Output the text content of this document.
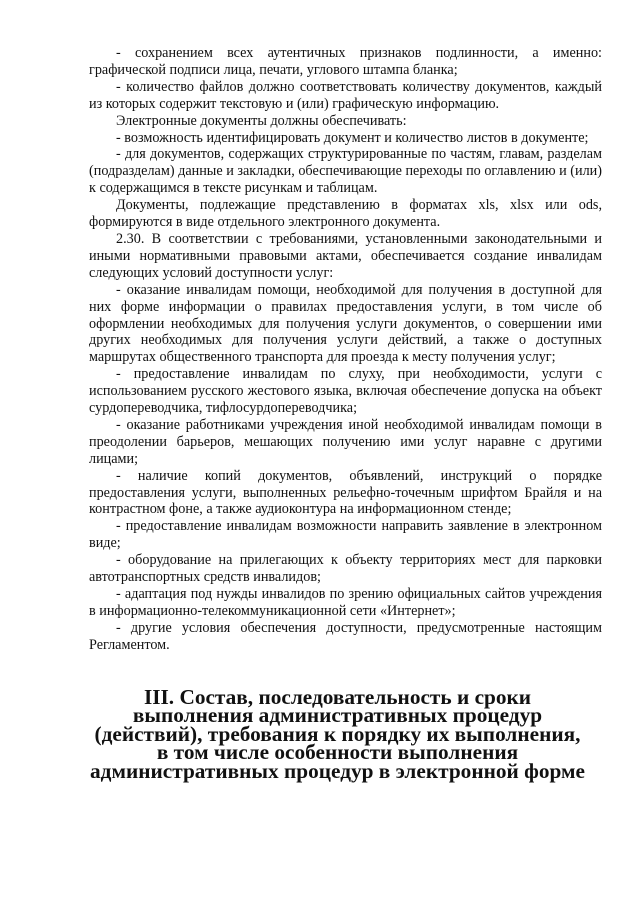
- сохранением всех аутентичных признаков подлинности, а именно: графической подписи лица, печати, углового штампа бланка;

- количество файлов должно соответствовать количеству документов, каждый из которых содержит текстовую и (или) графическую информацию.

Электронные документы должны обеспечивать:

- возможность идентифицировать документ и количество листов в документе;

- для документов, содержащих структурированные по частям, главам, разделам (подразделам) данные и закладки, обеспечивающие переходы по оглавлению и (или) к содержащимся в тексте рисункам и таблицам.

Документы, подлежащие представлению в форматах xls, xlsx или ods, формируются в виде отдельного электронного документа.

2.30. В соответствии с требованиями, установленными законодательными и иными нормативными правовыми актами, обеспечивается создание инвалидам следующих условий доступности услуг:

- оказание инвалидам помощи, необходимой для получения в доступной для них форме информации о правилах предоставления услуги, в том числе об оформлении необходимых для получения услуги документов, о совершении ими других необходимых для получения услуги действий, а также о доступных маршрутах общественного транспорта для проезда к месту получения услуг;

- предоставление инвалидам по слуху, при необходимости, услуги с использованием русского жестового языка, включая обеспечение допуска на объект сурдопереводчика, тифлосурдопереводчика;

- оказание работниками учреждения иной необходимой инвалидам помощи в преодолении барьеров, мешающих получению ими услуг наравне с другими лицами;

- наличие копий документов, объявлений, инструкций о порядке предоставления услуги, выполненных рельефно-точечным шрифтом Брайля и на контрастном фоне, а также аудиоконтура на информационном стенде;

- предоставление инвалидам возможности направить заявление в электронном виде;

- оборудование на прилегающих к объекту территориях мест для парковки автотранспортных средств инвалидов;

- адаптация под нужды инвалидов по зрению официальных сайтов учреждения в информационно-телекоммуникационной сети «Интернет»;

- другие условия обеспечения доступности, предусмотренные настоящим Регламентом.

III. Состав, последовательность и сроки выполнения административных процедур (действий), требования к порядку их выполнения, в том числе особенности выполнения административных процедур в электронной форме
